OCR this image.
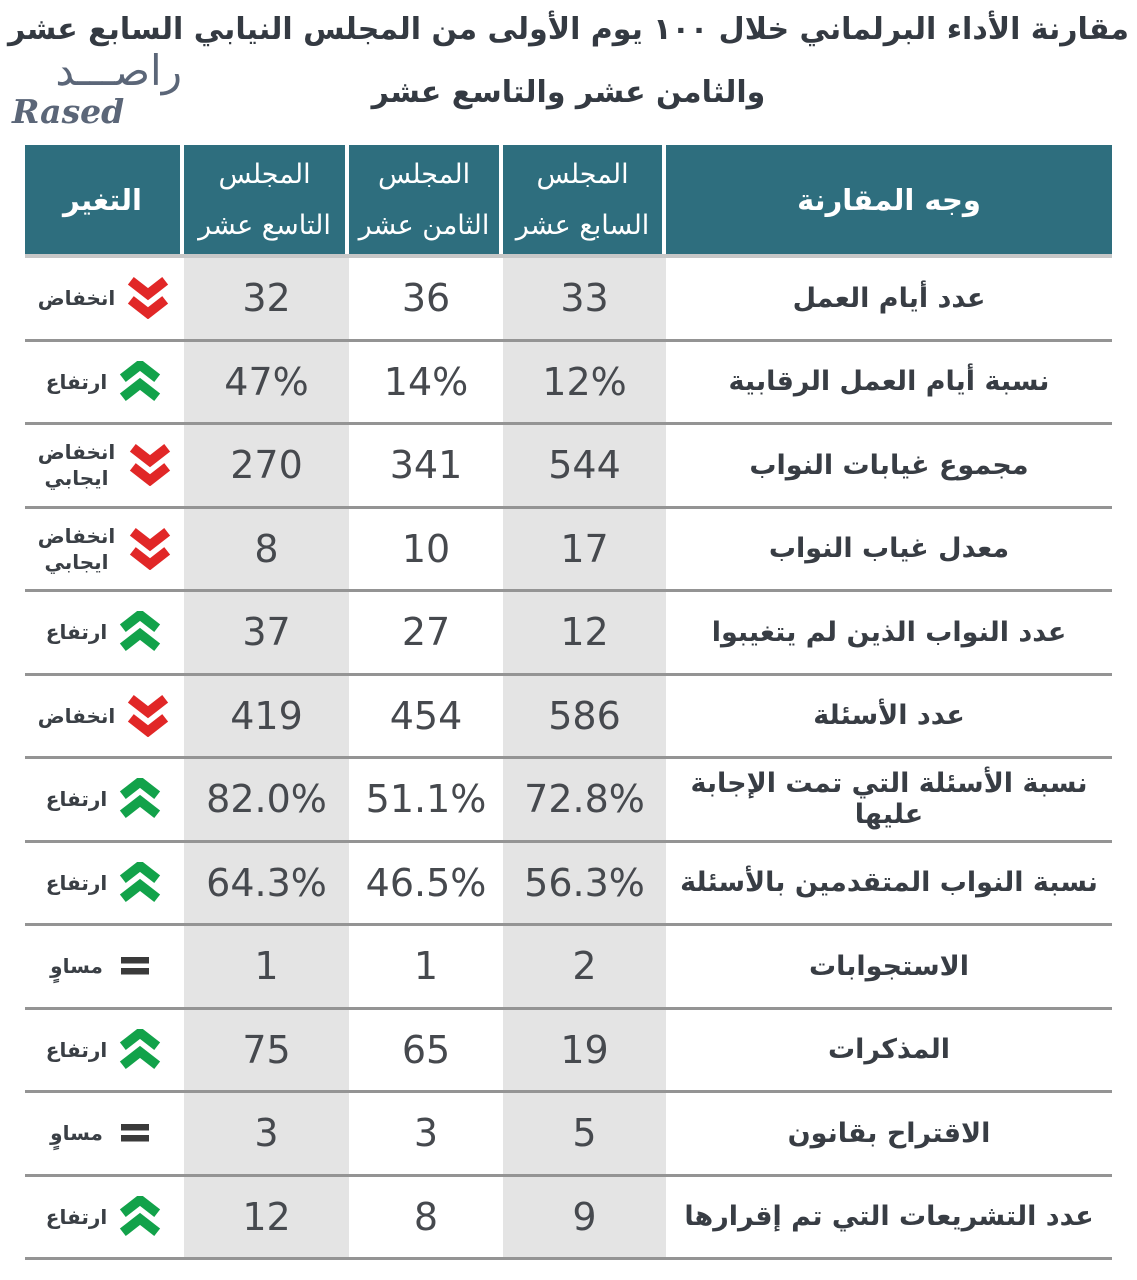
راصـــد
Rased
مقارنة الأداء البرلماني خلال ١٠٠ يوم الأولى من المجلس النيابي السابع عشر
والثامن عشر والتاسع عشر
وجه المقارنة
المجلس
السابع عشر
المجلس
الثامن عشر
المجلس
التاسع عشر
التغير
عدد أيام العمل
33
36
32
انخفاض
نسبة أيام العمل الرقابية
12%
14%
47%
ارتفاع
مجموع غيابات النواب
544
341
270
انخفاض ايجابي
معدل غياب النواب
17
10
8
انخفاض ايجابي
عدد النواب الذين لم يتغيبوا
12
27
37
ارتفاع
عدد الأسئلة
586
454
419
انخفاض
نسبة الأسئلة التي تمت الإجابة عليها
72.8%
51.1%
82.0%
ارتفاع
نسبة النواب المتقدمين بالأسئلة
56.3%
46.5%
64.3%
ارتفاع
الاستجوابات
2
1
1
مساوٍ
المذكرات
19
65
75
ارتفاع
الاقتراح بقانون
5
3
3
مساوٍ
عدد التشريعات التي تم إقرارها
9
8
12
ارتفاع
